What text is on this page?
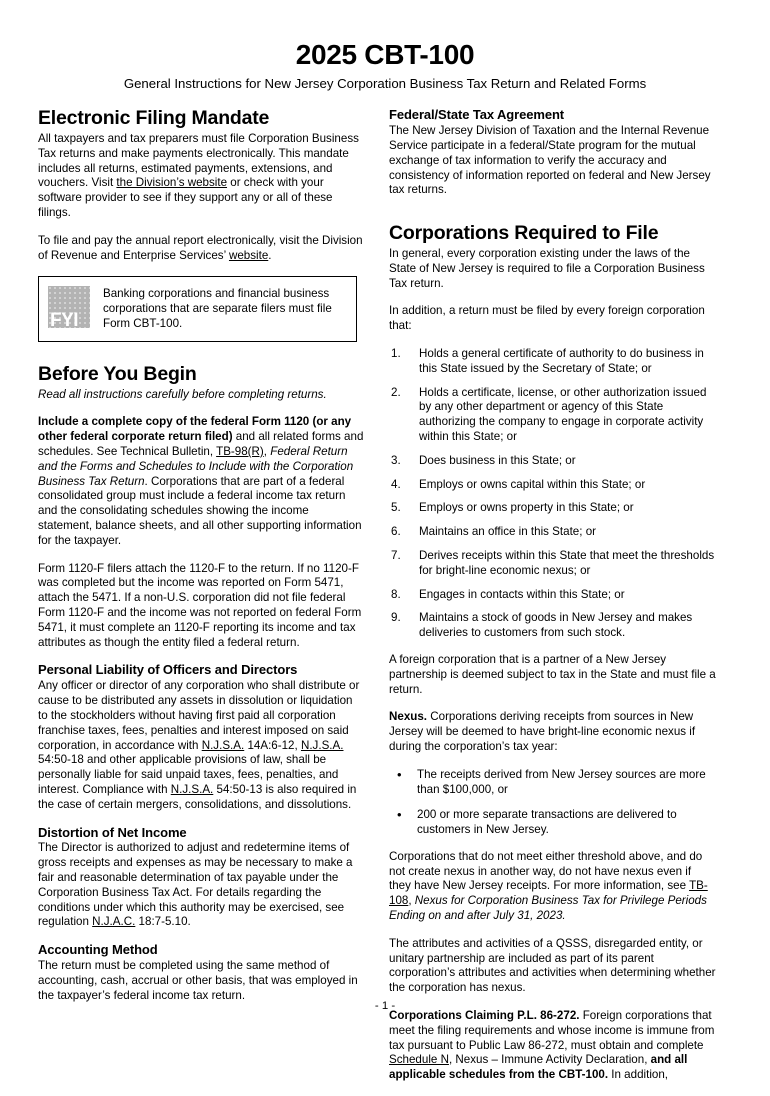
2025 CBT-100
General Instructions for New Jersey Corporation Business Tax Return and Related Forms
Electronic Filing Mandate

All taxpayers and tax preparers must file Corporation Business Tax returns and make payments electronically. This mandate includes all returns, estimated payments, extensions, and vouchers. Visit the Division’s website or check with your software provider to see if they support any or all of these filings.

To file and pay the annual report electronically, visit the Division of Revenue and Enterprise Services’ website.

FYI
Banking corporations and financial business corporations that are separate filers must file Form CBT-100.
Before You Begin

Read all instructions carefully before completing returns.

Include a complete copy of the federal Form 1120 (or any other federal corporate return filed) and all related forms and schedules. See Technical Bulletin, TB-98(R), Federal Return and the Forms and Schedules to Include with the Corporation Business Tax Return. Corporations that are part of a federal consolidated group must include a federal income tax return and the consolidating schedules showing the income statement, balance sheets, and all other supporting information for the taxpayer.

Form 1120-F filers attach the 1120-F to the return. If no 1120-F was completed but the income was reported on Form 5471, attach the 5471. If a non-U.S. corporation did not file federal Form 1120-F and the income was not reported on federal Form 5471, it must complete an 1120-F reporting its income and tax attributes as though the entity filed a federal return.

Personal Liability of Officers and Directors

Any officer or director of any corporation who shall distribute or cause to be distributed any assets in dissolution or liquidation to the stockholders without having first paid all corporation franchise taxes, fees, penalties and interest imposed on said corporation, in accordance with N.J.S.A. 14A:6-12, N.J.S.A. 54:50-18 and other applicable provisions of law, shall be personally liable for said unpaid taxes, fees, penalties, and interest. Compliance with N.J.S.A. 54:50-13 is also required in the case of certain mergers, consolidations, and dissolutions.

Distortion of Net Income

The Director is authorized to adjust and redetermine items of gross receipts and expenses as may be necessary to make a fair and reasonable determination of tax payable under the Corporation Business Tax Act. For details regarding the conditions under which this authority may be exercised, see regulation N.J.A.C. 18:7-5.10.

Accounting Method

The return must be completed using the same method of accounting, cash, accrual or other basis, that was employed in the taxpayer’s federal income tax return.

Federal/State Tax Agreement

The New Jersey Division of Taxation and the Internal Revenue Service participate in a federal/State program for the mutual exchange of tax information to verify the accuracy and consistency of information reported on federal and New Jersey tax returns.

Corporations Required to File

In general, every corporation existing under the laws of the State of New Jersey is required to file a Corporation Business Tax return.

In addition, a return must be filed by every foreign corporation that:

1. Holds a general certificate of authority to do business in this State issued by the Secretary of State; or
2. Holds a certificate, license, or other authorization issued by any other department or agency of this State authorizing the company to engage in corporate activity within this State; or
3. Does business in this State; or
4. Employs or owns capital within this State; or
5. Employs or owns property in this State; or
6. Maintains an office in this State; or
7. Derives receipts within this State that meet the thresholds for bright-line economic nexus; or
8. Engages in contacts within this State; or
9. Maintains a stock of goods in New Jersey and makes deliveries to customers from such stock.

A foreign corporation that is a partner of a New Jersey partnership is deemed subject to tax in the State and must file a return.

Nexus. Corporations deriving receipts from sources in New Jersey will be deemed to have bright-line economic nexus if during the corporation’s tax year:

• The receipts derived from New Jersey sources are more than $100,000, or
• 200 or more separate transactions are delivered to customers in New Jersey.

Corporations that do not meet either threshold above, and do not create nexus in another way, do not have nexus even if they have New Jersey receipts. For more information, see TB-108, Nexus for Corporation Business Tax for Privilege Periods Ending on and after July 31, 2023.

The attributes and activities of a QSSS, disregarded entity, or unitary partnership are included as part of its parent corporation’s attributes and activities when determining whether the corporation has nexus.

Corporations Claiming P.L. 86-272. Foreign corporations that meet the filing requirements and whose income is immune from tax pursuant to Public Law 86-272, must obtain and complete Schedule N, Nexus – Immune Activity Declaration, and all applicable schedules from the CBT-100. In addition,

- 1 -
